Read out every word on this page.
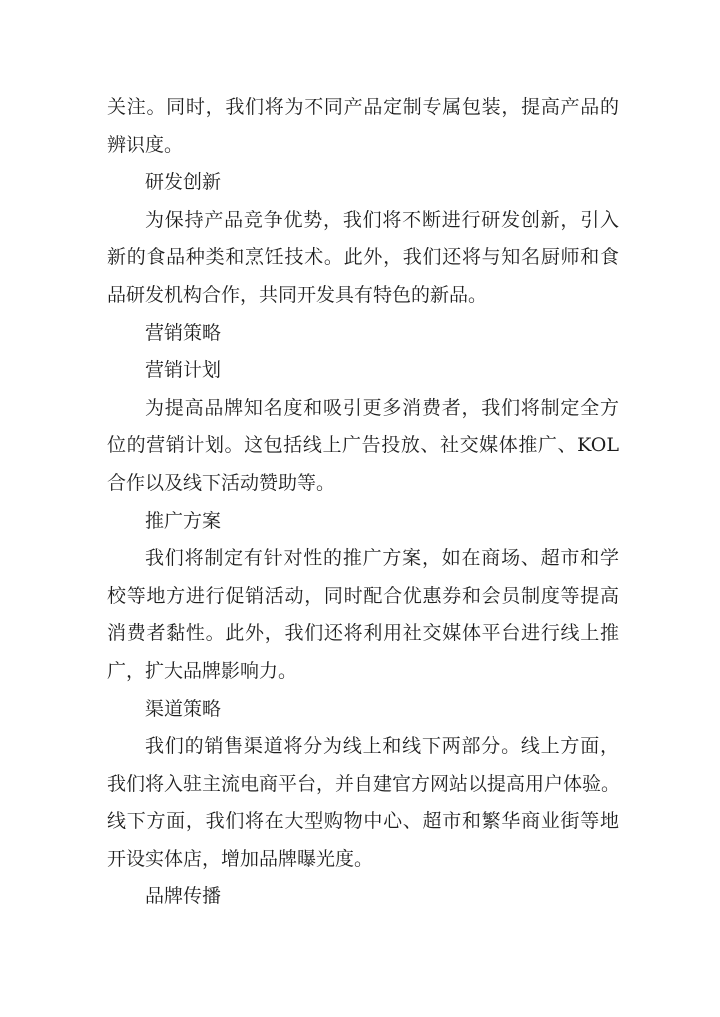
关注。同时，我们将为不同产品定制专属包装，提高产品的
辨识度。
研发创新
为保持产品竞争优势，我们将不断进行研发创新，引入
新的食品种类和烹饪技术。此外，我们还将与知名厨师和食
品研发机构合作，共同开发具有特色的新品。
营销策略
营销计划
为提高品牌知名度和吸引更多消费者，我们将制定全方
位的营销计划。这包括线上广告投放、社交媒体推广、KOL
合作以及线下活动赞助等。
推广方案
我们将制定有针对性的推广方案，如在商场、超市和学
校等地方进行促销活动，同时配合优惠券和会员制度等提高
消费者黏性。此外，我们还将利用社交媒体平台进行线上推
广，扩大品牌影响力。
渠道策略
我们的销售渠道将分为线上和线下两部分。线上方面，
我们将入驻主流电商平台，并自建官方网站以提高用户体验。
线下方面，我们将在大型购物中心、超市和繁华商业街等地
开设实体店，增加品牌曝光度。
品牌传播
